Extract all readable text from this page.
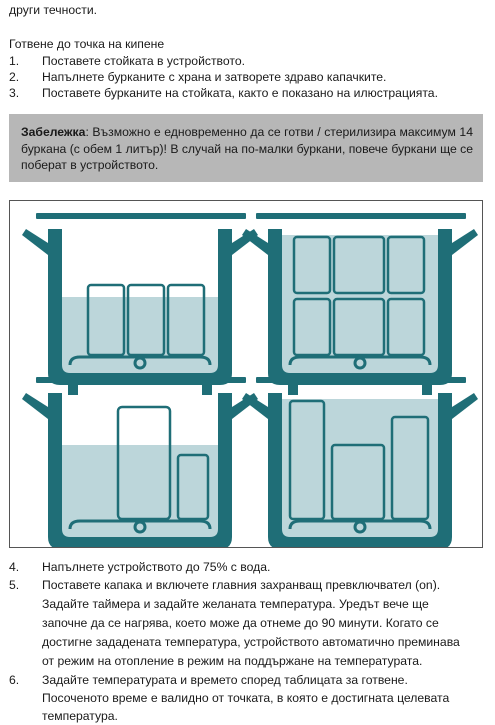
други течности.
Готвене до точка на кипене
1. Поставете стойката в устройството.
2. Напълнете бурканите с храна и затворете здраво капачките.
3. Поставете бурканите на стойката, както е показано на илюстрацията.
Забележка: Възможно е едновременно да се готви / стерилизира максимум 14 буркана (с обем 1 литър)! В случай на по-малки буркани, повече буркани ще се поберат в устройството.
4. Напълнете устройството до 75% с вода.
5. Поставете капака и включете главния захранващ превключвател (on).
Задайте таймера и задайте желаната температура. Уредът вече ще
започне да се нагрява, което може да отнеме до 90 минути. Когато се
достигне зададената температура, устройството автоматично преминава
от режим на отопление в режим на поддържане на температурата.
6. Задайте температурата и времето според таблицата за готвене.
Посоченото време е валидно от точката, в която е достигната целевата
температура.
